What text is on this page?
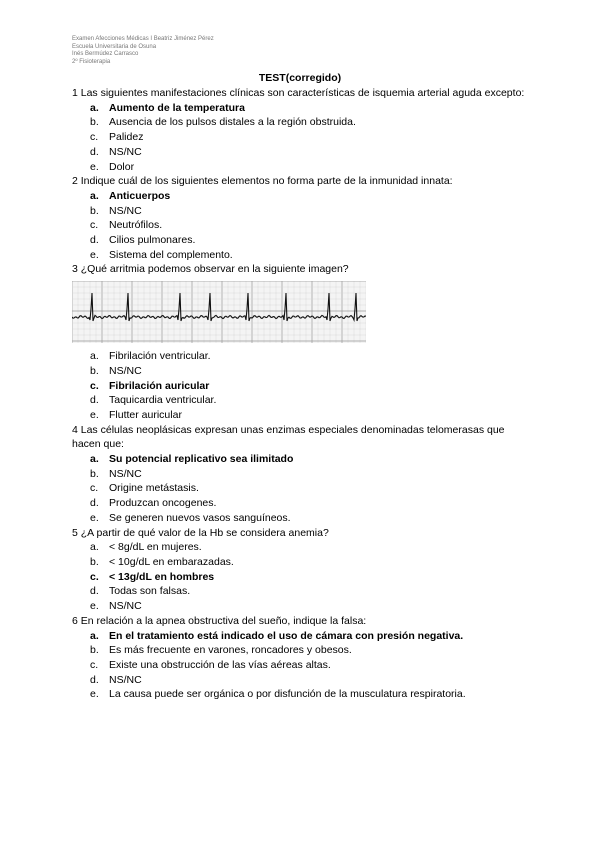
Examen Afecciones Médicas I Beatriz Jiménez Pérez
Escuela Universitaria de Osuna
Inés Bermúdez Carrasco
2º Fisioterapia
TEST(corregido)

1 Las siguientes manifestaciones clínicas son características de isquemia arterial aguda excepto:

a. Aumento de la temperatura
b. Ausencia de los pulsos distales a la región obstruida.
c.	Palidez
d. NS/NC
e. Dolor

2 Indique cuál de los siguientes elementos no forma parte de la inmunidad innata:

a. Anticuerpos
b. NS/NC
c.	Neutrófilos.
d. Cilios pulmonares.
e. Sistema del complemento.

3 ¿Qué arritmia podemos observar en la siguiente imagen?

a. Fibrilación ventricular.
b. NS/NC
c. Fibrilación auricular
d. Taquicardia ventricular.
e. Flutter auricular

4 Las células neoplásicas expresan unas enzimas especiales denominadas telomerasas que hacen que:

a. Su potencial replicativo sea ilimitado
b. NS/NC
c.	Origine metástasis.
d. Produzcan oncogenes.
e. Se generen nuevos vasos sanguíneos.

5 ¿A partir de qué valor de la Hb se considera anemia?

a. < 8g/dL en mujeres.
b. < 10g/dL en embarazadas.
c. < 13g/dL en hombres
d. Todas son falsas.
e. NS/NC

6 En relación a la apnea obstructiva del sueño, indique la falsa:

a. En el tratamiento está indicado el uso de cámara con presión negativa.
b. Es más frecuente en varones, roncadores y obesos.
c.	Existe una obstrucción de las vías aéreas altas.
d. NS/NC
e. La causa puede ser orgánica o por disfunción de la musculatura respiratoria.
